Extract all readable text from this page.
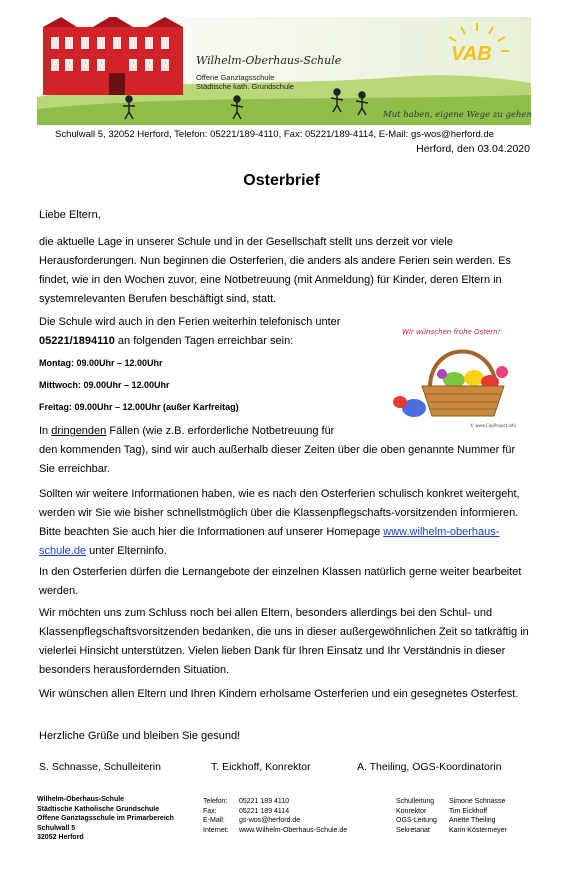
Wilhelm-Oberhaus-Schule
Offene Ganztagsschule
Städtische kath. Grundschule
VAB
Mut haben, eigene Wege zu gehen
Schulwall 5, 32052 Herford, Telefon: 05221/189-4110, Fax: 05221/189-4114, E-Mail: gs-wos@herford.de
Herford, den 03.04.2020
Osterbrief

Liebe Eltern,

die aktuelle Lage in unserer Schule und in der Gesellschaft stellt uns derzeit vor viele Herausforderungen. Nun beginnen die Osterferien, die anders als andere Ferien sein werden. Es findet, wie in den Wochen zuvor, eine Notbetreuung (mit Anmeldung) für Kinder, deren Eltern in systemrelevanten Berufen beschäftigt sind, statt.

Die Schule wird auch in den Ferien weiterhin telefonisch unter
05221/1894110 an folgenden Tagen erreichbar sein:

Montag: 09.00Uhr – 12.00Uhr
Mittwoch: 09.00Uhr – 12.00Uhr
Freitag: 09.00Uhr – 12.00Uhr (außer Karfreitag)
Wir wünschen frohe Ostern!
© www.ClipProject.info

In dringenden Fällen (wie z.B. erforderliche Notbetreuung für
den kommenden Tag), sind wir auch außerhalb dieser Zeiten über die oben genannte Nummer für Sie erreichbar.

Sollten wir weitere Informationen haben, wie es nach den Osterferien schulisch konkret weitergeht, werden wir Sie wie bisher schnellstmöglich über die Klassenpflegschafts-vorsitzenden informieren. Bitte beachten Sie auch hier die Informationen auf unserer Homepage www.wilhelm-oberhaus-schule.de unter Elterninfo.

In den Osterferien dürfen die Lernangebote der einzelnen Klassen natürlich gerne weiter bearbeitet werden.

Wir möchten uns zum Schluss noch bei allen Eltern, besonders allerdings bei den Schul- und Klassenpflegschaftsvorsitzenden bedanken, die uns in dieser außergewöhnlichen Zeit so tatkräftig in vielerlei Hinsicht unterstützen. Vielen lieben Dank für Ihren Einsatz und Ihr Verständnis in dieser besonders herausfordernden Situation.

Wir wünschen allen Eltern und Ihren Kindern erholsame Osterferien und ein gesegnetes Osterfest.

Herzliche Grüße und bleiben Sie gesund!

S. Schnasse, Schulleiterin	T. Eickhoff, Konrektor	A. Theiling, OGS-Koordinatorin
Wilhelm-Oberhaus-Schule
Städtische Katholische Grundschule
Offene Ganztagsschule im Primarbereich
Schulwall 5
32052 Herford
Telefon:
Fax:
E-Mail:
Internet:
05221 189 4110
05221 189 4114
gs-wos@herford.de
www.Wilhelm-Oberhaus-Schule.de
Schulleitung
Konrektor
OGS-Leitung
Sekretariat
Simone Schnasse
Tim Eickhoff
Anette Theiling
Karin Köstermeyer
